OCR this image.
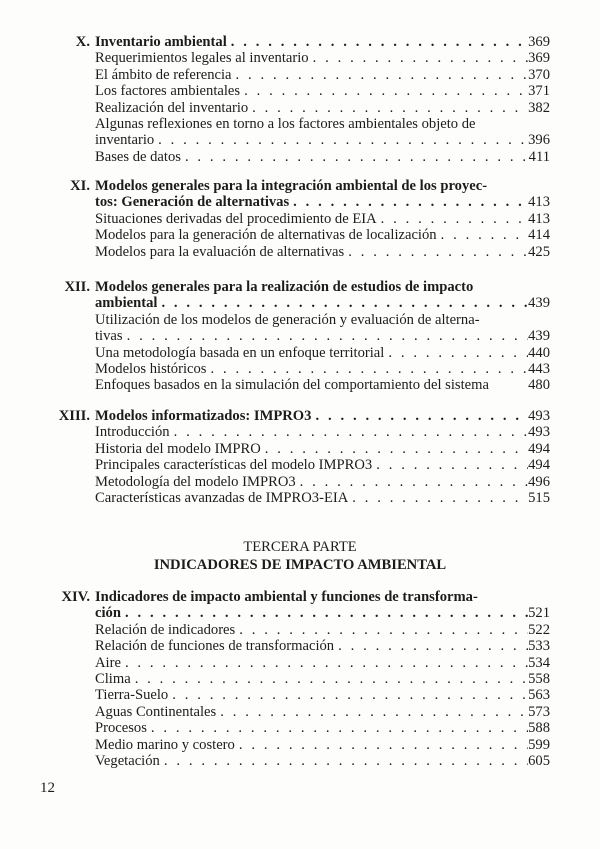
X. Inventario ambiental . . .	369
Requerimientos legales al inventario . . .	369
El ámbito de referencia . . .	370
Los factores ambientales . . .	371
Realización del inventario . . .	382
Algunas reflexiones en torno a los factores ambientales objeto de
inventario . . .	396
Bases de datos . . .	411
XI. Modelos generales para la integración ambiental de los proyec-
tos: Generación de alternativas . . .	413
Situaciones derivadas del procedimiento de EIA . . .	413
Modelos para la generación de alternativas de localización . . .	414
Modelos para la evaluación de alternativas . . .	425
XII. Modelos generales para la realización de estudios de impacto
ambiental . . .	439
Utilización de los modelos de generación y evaluación de alterna-
tivas . . .	439
Una metodología basada en un enfoque territorial . . .	440
Modelos históricos . . .	443
Enfoques basados en la simulación del comportamiento del sistema	480
XIII. Modelos informatizados: IMPRO3 . . .	493
Introducción . . .	493
Historia del modelo IMPRO . . .	494
Principales características del modelo IMPRO3 . . .	494
Metodología del modelo IMPRO3 . . .	496
Características avanzadas de IMPRO3-EIA . . .	515
XIV. Indicadores de impacto ambiental y funciones de transforma-
ción . . .	521
Relación de indicadores . . .	522
Relación de funciones de transformación . . .	533
Aire . . .	534
Clima . . .	558
Tierra-Suelo . . .	563
Aguas Continentales . . .	573
Procesos . . .	588
Medio marino y costero . . .	599
Vegetación . . .	605
TERCERA PARTE
INDICADORES DE IMPACTO AMBIENTAL
12
